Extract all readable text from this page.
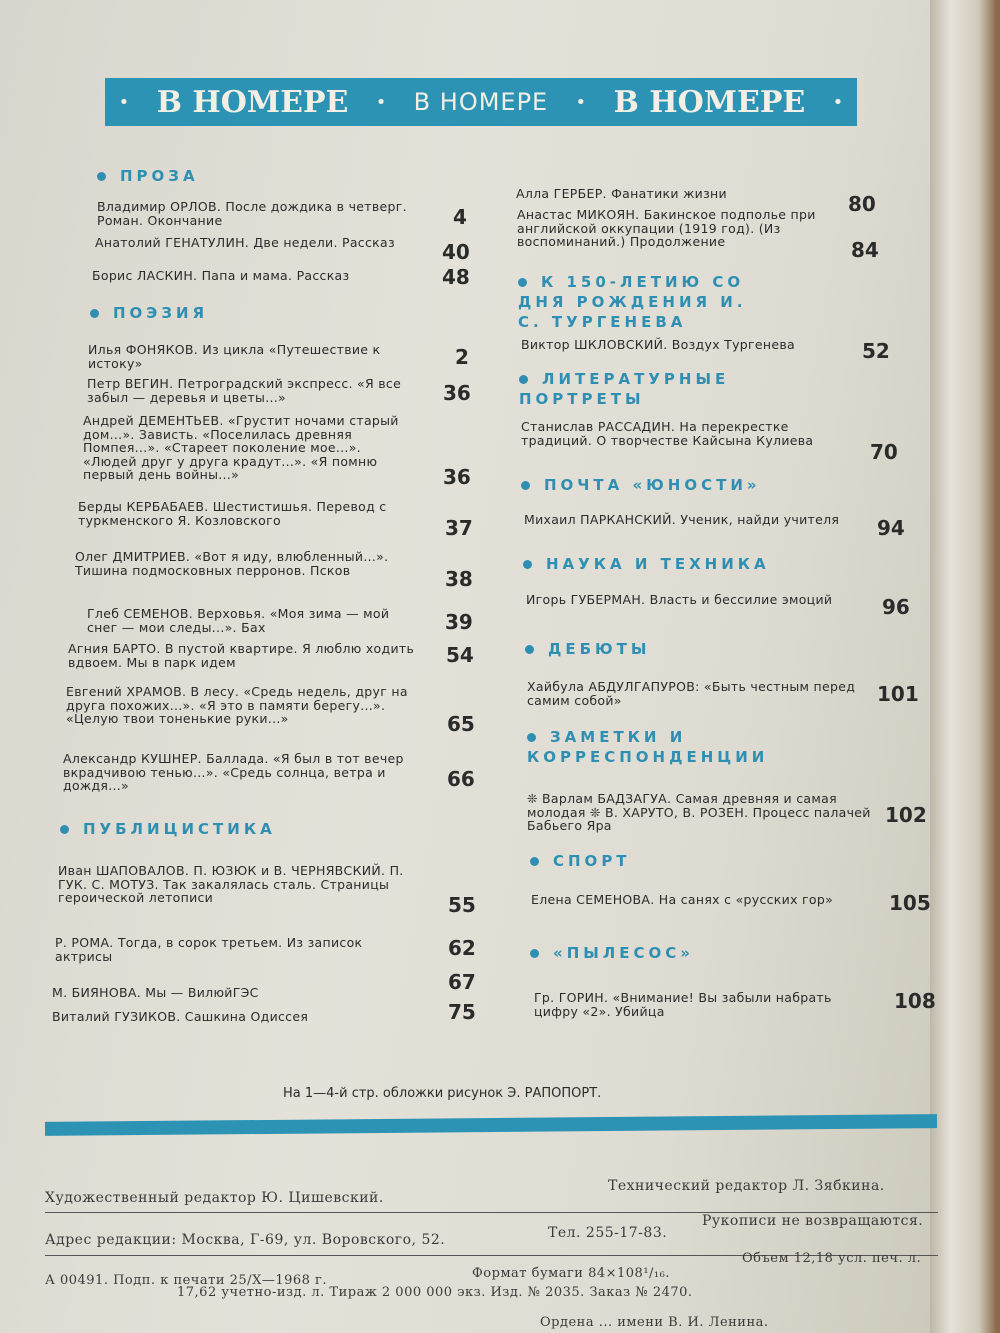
• В НОМЕРЕ • В НОМЕРЕ • В НОМЕРЕ •
ПРОЗА
Владимир ОРЛОВ. После дождика в четверг. Роман. Окончание	4
Анатолий ГЕНАТУЛИН. Две недели. Рассказ	40
Борис ЛАСКИН. Папа и мама. Рассказ	48
ПОЭЗИЯ
Илья ФОНЯКОВ. Из цикла «Путешествие к истоку»	2
Петр ВЕГИН. Петроградский экспресс. «Я все забыл — деревья и цветы...»	36
Андрей ДЕМЕНТЬЕВ. «Грустит ночами старый дом...». Зависть. «Поселилась древняя Помпея...». «Стареет поколение мое...». «Людей друг у друга крадут...». «Я помню первый день войны...»	36
Берды КЕРБАБАЕВ. Шестистишья. Перевод с туркменского Я. Козловского	37
Олег ДМИТРИЕВ. «Вот я иду, влюбленный...». Тишина подмосковных перронов. Псков	38
Глеб СЕМЕНОВ. Верховья. «Моя зима — мой снег — мои следы...». Бах	39
Агния БАРТО. В пустой квартире. Я люблю ходить вдвоем. Мы в парк идем	54
Евгений ХРАМОВ. В лесу. «Средь недель, друг на друга похожих...». «Я это в памяти берегу...». «Целую твои тоненькие руки...»	65
Александр КУШНЕР. Баллада. «Я был в тот вечер вкрадчивою тенью...». «Средь солнца, ветра и дождя...»	66
ПУБЛИЦИСТИКА
Иван ШАПОВАЛОВ. П. ЮЗЮК и В. ЧЕРНЯВСКИЙ. П. ГУК. С. МОТУЗ. Так закалялась сталь. Страницы героической летописи	55
Р. РОМА. Тогда, в сорок третьем. Из записок актрисы	62
М. БИЯНОВА. Мы — ВилюйГЭС	67
Виталий ГУЗИКОВ. Сашкина Одиссея	75
Алла ГЕРБЕР. Фанатики жизни	80
Анастас МИКОЯН. Бакинское подполье при английской оккупации (1919 год). (Из воспоминаний.) Продолжение	84
К 150-ЛЕТИЮ СО ДНЯ РОЖДЕНИЯ И. С. ТУРГЕНЕВА
Виктор ШКЛОВСКИЙ. Воздух Тургенева	52
ЛИТЕРАТУРНЫЕ ПОРТРЕТЫ
Станислав РАССАДИН. На перекрестке традиций. О творчестве Кайсына Кулиева	70
ПОЧТА «ЮНОСТИ»
Михаил ПАРКАНСКИЙ. Ученик, найди учителя	94
НАУКА И ТЕХНИКА
Игорь ГУБЕРМАН. Власть и бессилие эмоций	96
ДЕБЮТЫ
Хайбула АБДУЛГАПУРОВ: «Быть честным перед самим собой»	101
ЗАМЕТКИ И КОРРЕСПОНДЕНЦИИ
❊ Варлам БАДЗАГУА. Самая древняя и самая молодая ❊ В. ХАРУТО, В. РОЗЕН. Процесс палачей Бабьего Яра	102
СПОРТ
Елена СЕМЕНОВА. На санях с «русских гор»	105
«ПЫЛЕСОС»
Гр. ГОРИН. «Внимание! Вы забыли набрать цифру «2». Убийца	108
На 1—4-й стр. обложки рисунок Э. РАПОПОРТ.
Художественный редактор Ю. Цишевский.
Технический редактор Л. Зябкина.
Адрес редакции: Москва, Г-69, ул. Воровского, 52.	Тел. 255-17-83.
Рукописи не возвращаются.
А 00491. Подп. к печати 25/X—1968 г.	Формат бумаги 84×108¹/₁₆.
Объем 12,18 усл. печ. л.
17,62 учетно-изд. л. Тираж 2 000 000 экз. Изд. № 2035. Заказ № 2470.
Ордена ... имени В. И. Ленина.
